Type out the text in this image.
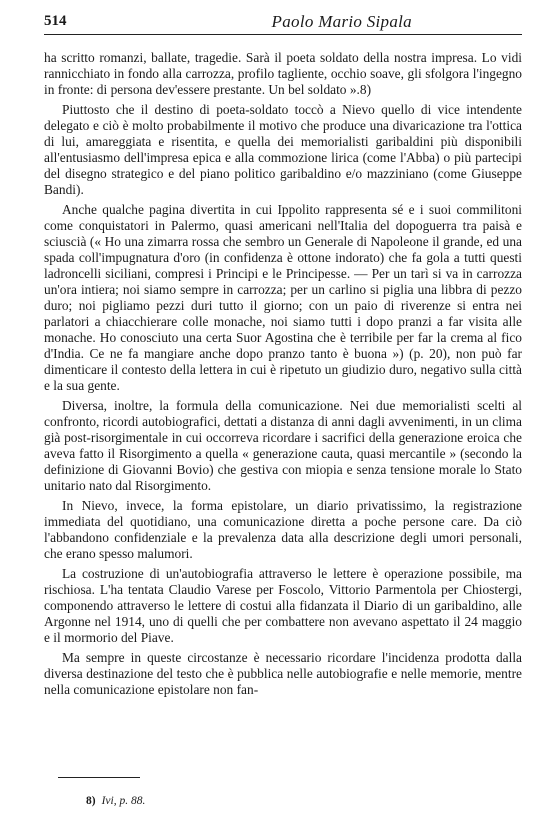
514	Paolo Mario Sipala

ha scritto romanzi, ballate, tragedie. Sarà il poeta soldato della nostra impresa. Lo vidi rannicchiato in fondo alla carrozza, profilo tagliente, occhio soave, gli sfolgora l'ingegno in fronte: di persona dev'essere prestante. Un bel soldato ».8)

Piuttosto che il destino di poeta-soldato toccò a Nievo quello di vice intendente delegato e ciò è molto probabilmente il motivo che produce una divaricazione tra l'ottica di lui, amareggiata e risentita, e quella dei memorialisti garibaldini più disponibili all'entusiasmo dell'impresa epica e alla commozione lirica (come l'Abba) o più partecipi del disegno strategico e del piano politico garibaldino e/o mazziniano (come Giuseppe Bandi).

Anche qualche pagina divertita in cui Ippolito rappresenta sé e i suoi commilitoni come conquistatori in Palermo, quasi americani nell'Italia del dopoguerra tra paisà e sciuscià (« Ho una zimarra rossa che sembro un Generale di Napoleone il grande, ed una spada coll'impugnatura d'oro (in confidenza è ottone indorato) che fa gola a tutti questi ladroncelli siciliani, compresi i Principi e le Principesse. — Per un tarì si va in carrozza un'ora intiera; noi siamo sempre in carrozza; per un carlino si piglia una libbra di pezzo duro; noi pigliamo pezzi duri tutto il giorno; con un paio di riverenze si entra nei parlatori a chiacchierare colle monache, noi siamo tutti i dopo pranzi a far visita alle monache. Ho conosciuto una certa Suor Agostina che è terribile per far la crema al fico d'India. Ce ne fa mangiare anche dopo pranzo tanto è buona ») (p. 20), non può far dimenticare il contesto della lettera in cui è ripetuto un giudizio duro, negativo sulla città e la sua gente.

Diversa, inoltre, la formula della comunicazione. Nei due memorialisti scelti al confronto, ricordi autobiografici, dettati a distanza di anni dagli avvenimenti, in un clima già post-risorgimentale in cui occorreva ricordare i sacrifici della generazione eroica che aveva fatto il Risorgimento a quella « generazione cauta, quasi mercantile » (secondo la definizione di Giovanni Bovio) che gestiva con miopia e senza tensione morale lo Stato unitario nato dal Risorgimento.

In Nievo, invece, la forma epistolare, un diario privatissimo, la registrazione immediata del quotidiano, una comunicazione diretta a poche persone care. Da ciò l'abbandono confidenziale e la prevalenza data alla descrizione degli umori personali, che erano spesso malumori.

La costruzione di un'autobiografia attraverso le lettere è operazione possibile, ma rischiosa. L'ha tentata Claudio Varese per Foscolo, Vittorio Parmentola per Chiostergi, componendo attraverso le lettere di costui alla fidanzata il Diario di un garibaldino, alle Argonne nel 1914, uno di quelli che per combattere non avevano aspettato il 24 maggio e il mormorio del Piave.

Ma sempre in queste circostanze è necessario ricordare l'incidenza prodotta dalla diversa destinazione del testo che è pubblica nelle autobiografie e nelle memorie, mentre nella comunicazione epistolare non fan-

8) Ivi, p. 88.
